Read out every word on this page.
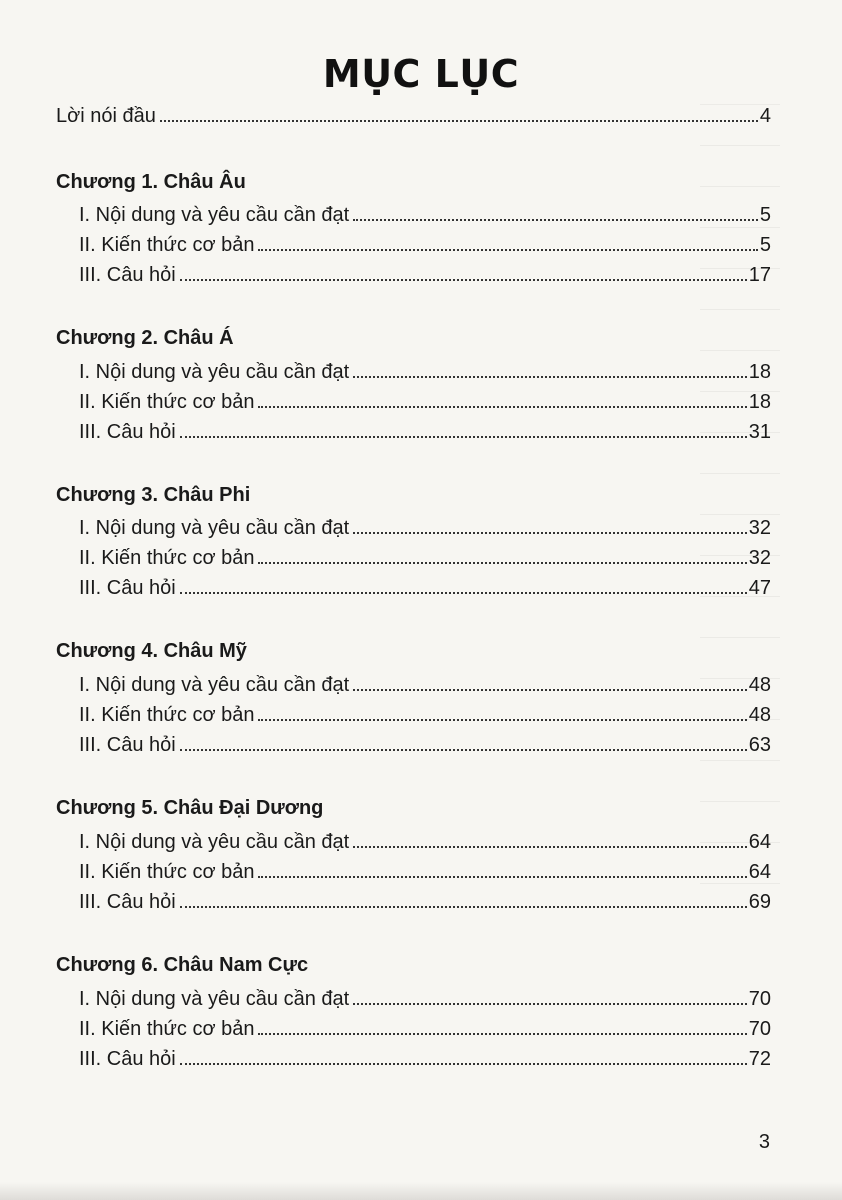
MỤC LỤC
Lời nói đầu	4
Chương 1. Châu Âu
I. Nội dung và yêu cầu cần đạt	5
II. Kiến thức cơ bản	5
III. Câu hỏi	17
Chương 2. Châu Á
I. Nội dung và yêu cầu cần đạt	18
II. Kiến thức cơ bản	18
III. Câu hỏi	31
Chương 3. Châu Phi
I. Nội dung và yêu cầu cần đạt	32
II. Kiến thức cơ bản	32
III. Câu hỏi	47
Chương 4. Châu Mỹ
I. Nội dung và yêu cầu cần đạt	48
II. Kiến thức cơ bản	48
III. Câu hỏi	63
Chương 5. Châu Đại Dương
I. Nội dung và yêu cầu cần đạt	64
II. Kiến thức cơ bản	64
III. Câu hỏi	69
Chương 6. Châu Nam Cực
I. Nội dung và yêu cầu cần đạt	70
II. Kiến thức cơ bản	70
III. Câu hỏi	72
3
